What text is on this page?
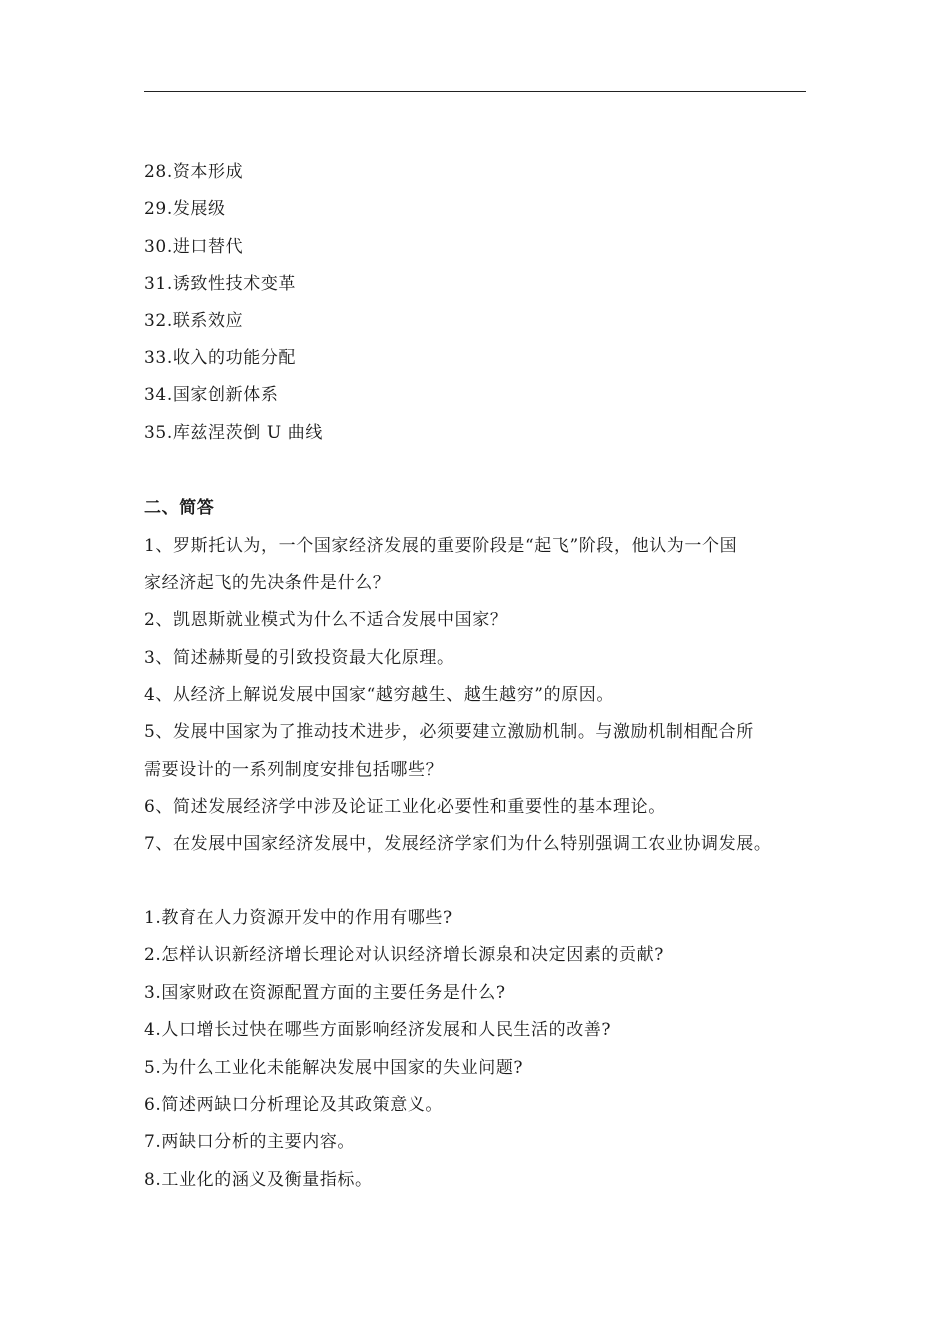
28.资本形成
29.发展级
30.进口替代
31.诱致性技术变革
32.联系效应
33.收入的功能分配
34.国家创新体系
35.库兹涅茨倒 U 曲线
二、简答
1、罗斯托认为，一个国家经济发展的重要阶段是“起飞”阶段，他认为一个国
家经济起飞的先决条件是什么？
2、凯恩斯就业模式为什么不适合发展中国家？
3、简述赫斯曼的引致投资最大化原理。
4、从经济上解说发展中国家“越穷越生、越生越穷”的原因。
5、发展中国家为了推动技术进步，必须要建立激励机制。与激励机制相配合所
需要设计的一系列制度安排包括哪些？
6、简述发展经济学中涉及论证工业化必要性和重要性的基本理论。
7、在发展中国家经济发展中，发展经济学家们为什么特别强调工农业协调发展。
1.教育在人力资源开发中的作用有哪些?
2.怎样认识新经济增长理论对认识经济增长源泉和决定因素的贡献?
3.国家财政在资源配置方面的主要任务是什么?
4.人口增长过快在哪些方面影响经济发展和人民生活的改善?
5.为什么工业化未能解决发展中国家的失业问题?
6.简述两缺口分析理论及其政策意义。
7.两缺口分析的主要内容。
8.工业化的涵义及衡量指标。
